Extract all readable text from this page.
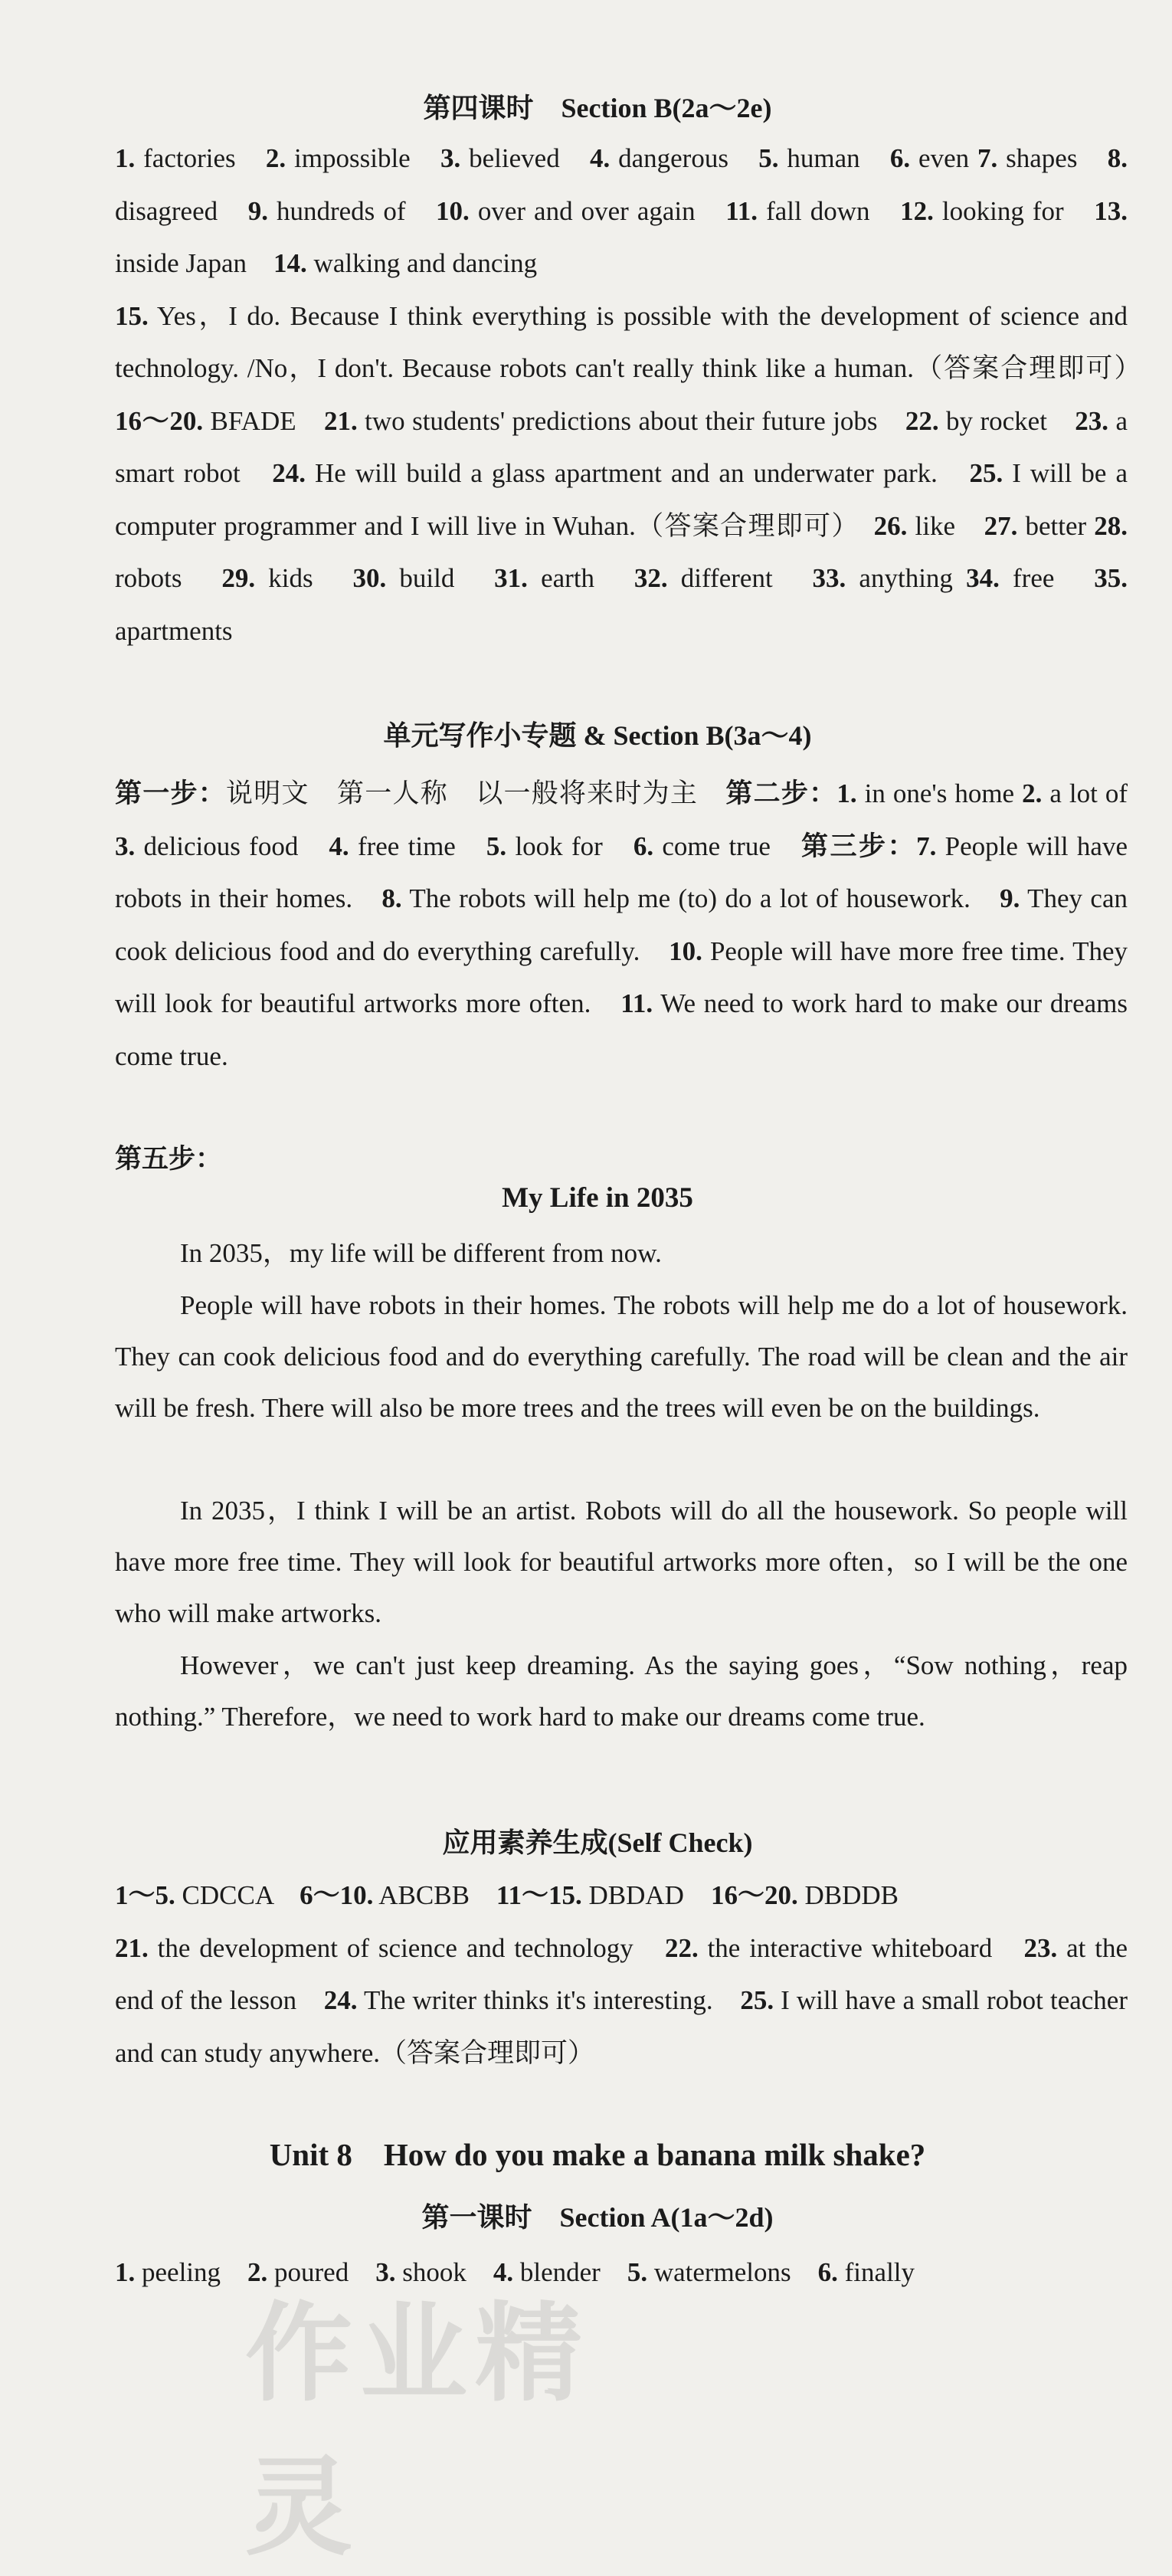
第四课时　Section B(2a～2e)

1. factories　2. impossible　3. believed　4. dangerous　5. human　6. even 7. shapes　8. disagreed　9. hundreds of　10. over and over again　11. fall down　12. looking for　13. inside Japan　14. walking and dancing
15. Yes，I do. Because I think everything is possible with the development of science and technology. /No，I don't. Because robots can't really think like a human.（答案合理即可）　16～20. BFADE　21. two students' predictions about their future jobs　22. by rocket　23. a smart robot　24. He will build a glass apartment and an underwater park.　25. I will be a computer programmer and I will live in Wuhan.（答案合理即可）　26. like　27. better 28. robots　29. kids　30. build　31. earth　32. different　33. anything 34. free　35. apartments

单元写作小专题 & Section B(3a～4)

第一步：说明文　第一人称　以一般将来时为主　第二步：1. in one's home 2. a lot of　3. delicious food　4. free time　5. look for　6. come true　第三步：7. People will have robots in their homes.　8. The robots will help me (to) do a lot of housework.　9. They can cook delicious food and do everything carefully.　10. People will have more free time. They will look for beautiful artworks more often.　11. We need to work hard to make our dreams come true.

第五步：

My Life in 2035

In 2035，my life will be different from now.

People will have robots in their homes. The robots will help me do a lot of housework. They can cook delicious food and do everything carefully. The road will be clean and the air will be fresh. There will also be more trees and the trees will even be on the buildings.

In 2035，I think I will be an artist. Robots will do all the housework. So people will have more free time. They will look for beautiful artworks more often，so I will be the one who will make artworks.

However，we can't just keep dreaming. As the saying goes，“Sow nothing，reap nothing.” Therefore，we need to work hard to make our dreams come true.

应用素养生成(Self Check)

1～5. CDCCA　6～10. ABCBB　11～15. DBDAD　16～20. DBDDB
21. the development of science and technology　22. the interactive whiteboard　23. at the end of the lesson　24. The writer thinks it's interesting.　25. I will have a small robot teacher and can study anywhere.（答案合理即可）

Unit 8　How do you make a banana milk shake?
第一课时　Section A(1a～2d)

1. peeling　2. poured　3. shook　4. blender　5. watermelons　6. finally

作业精灵
